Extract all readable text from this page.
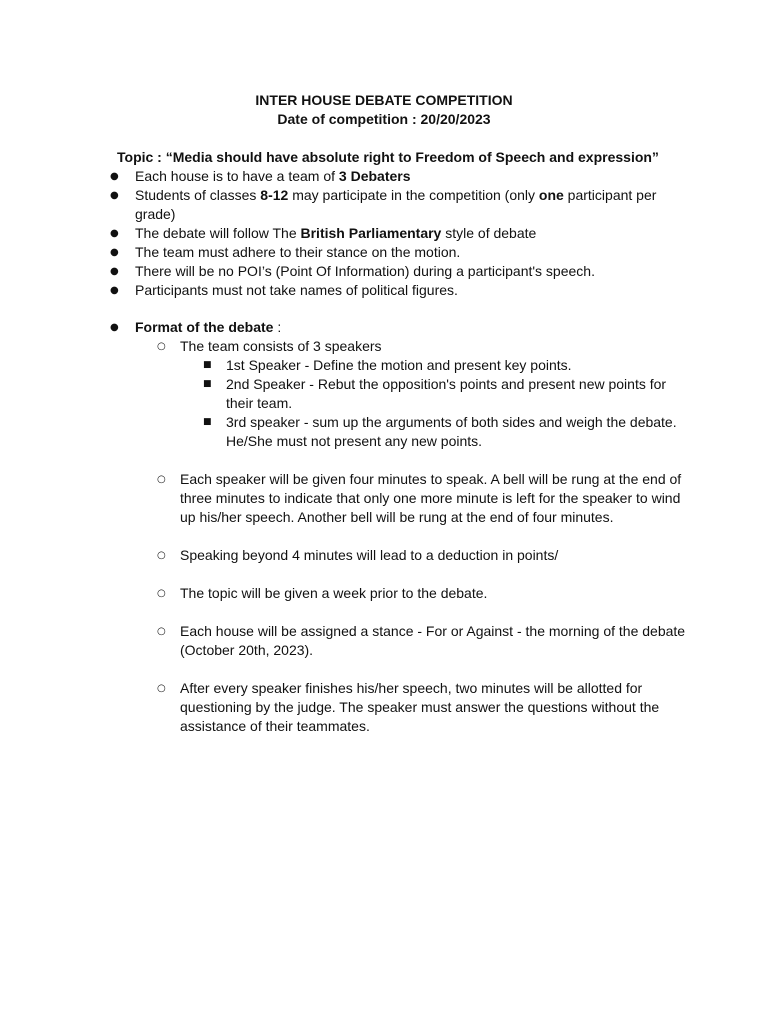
INTER HOUSE DEBATE COMPETITION
Date of competition : 20/20/2023
Topic : “Media should have absolute right to Freedom of Speech and expression”
● Each house is to have a team of 3 Debaters
● Students of classes 8-12 may participate in the competition (only one participant per grade)
● The debate will follow The British Parliamentary style of debate
● The team must adhere to their stance on the motion.
● There will be no POI’s (Point Of Information) during a participant's speech.
● Participants must not take names of political figures.
● Format of the debate :
○ The team consists of 3 speakers
■ 1st Speaker - Define the motion and present key points.
■ 2nd Speaker - Rebut the opposition's points and present new points for their team.
■ 3rd speaker - sum up the arguments of both sides and weigh the debate. He/She must not present any new points.
○ Each speaker will be given four minutes to speak. A bell will be rung at the end of three minutes to indicate that only one more minute is left for the speaker to wind up his/her speech. Another bell will be rung at the end of four minutes.
○ Speaking beyond 4 minutes will lead to a deduction in points/
○ The topic will be given a week prior to the debate.
○ Each house will be assigned a stance - For or Against - the morning of the debate (October 20th, 2023).
○ After every speaker finishes his/her speech, two minutes will be allotted for questioning by the judge. The speaker must answer the questions without the assistance of their teammates.
